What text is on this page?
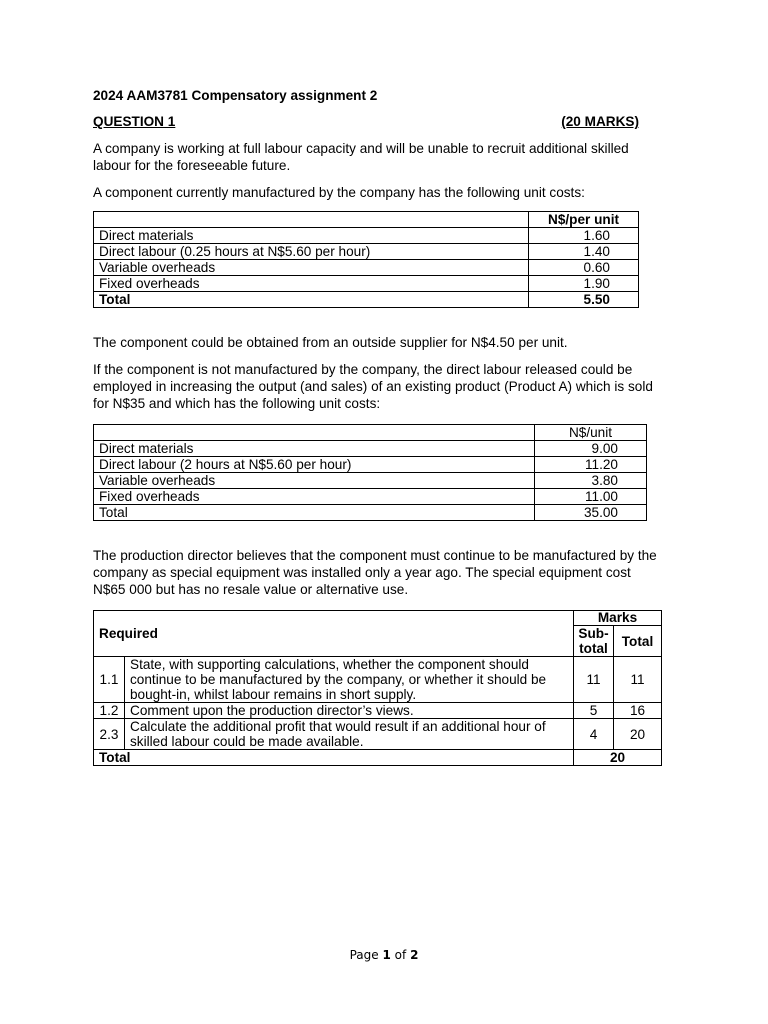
2024 AAM3781 Compensatory assignment 2

QUESTION 1	(20 MARKS)

A company is working at full labour capacity and will be unable to recruit additional skilled labour for the foreseeable future.

A component currently manufactured by the company has the following unit costs:

	N$/per unit
Direct materials	1.60
Direct labour (0.25 hours at N$5.60 per hour)	1.40
Variable overheads	0.60
Fixed overheads	1.90
Total	5.50

The component could be obtained from an outside supplier for N$4.50 per unit.

If the component is not manufactured by the company, the direct labour released could be employed in increasing the output (and sales) of an existing product (Product A) which is sold for N$35 and which has the following unit costs:

	N$/unit
Direct materials	9.00
Direct labour (2 hours at N$5.60 per hour)	11.20
Variable overheads	3.80
Fixed overheads	11.00
Total	35.00

The production director believes that the component must continue to be manufactured by the company as special equipment was installed only a year ago. The special equipment cost N$65 000 but has no resale value or alternative use.

Required		Marks	
		Sub-total	Total
1.1	State, with supporting calculations, whether the component should continue to be manufactured by the company, or whether it should be bought-in, whilst labour remains in short supply.	11	11
1.2	Comment upon the production director’s views.	5	16
2.3	Calculate the additional profit that would result if an additional hour of skilled labour could be made available.	4	20
Total		20	
Page 1 of 2
